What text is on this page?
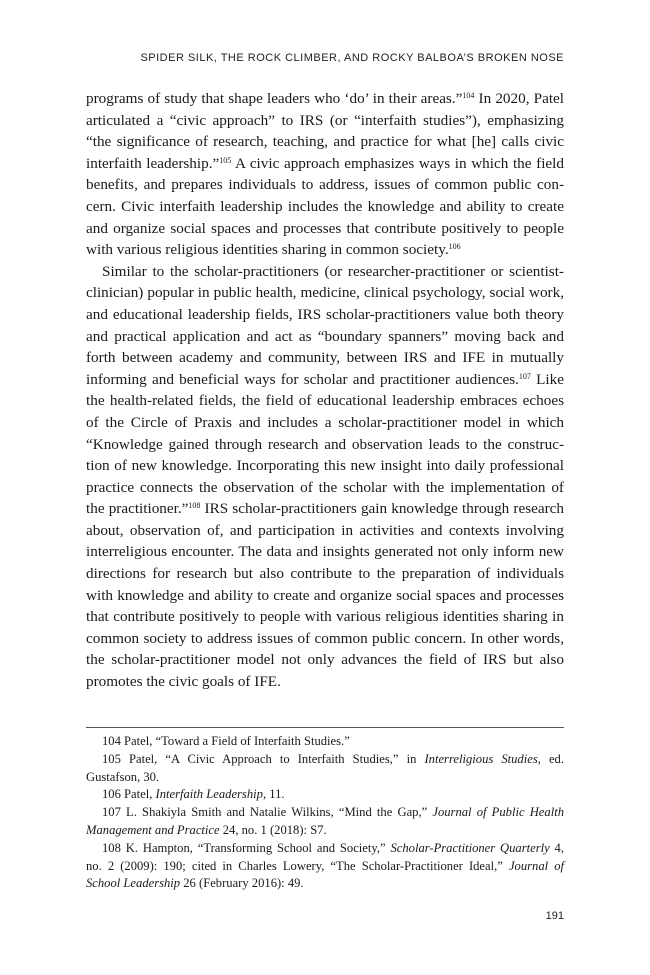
SPIDER SILK, THE ROCK CLIMBER, AND ROCKY BALBOA’S BROKEN NOSE

programs of study that shape leaders who ‘do’ in their areas.”$^{104}$ In 2020, Patel articulated a “civic approach” to IRS (or “interfaith studies”), emphasizing “the significance of research, teaching, and practice for what [he] calls civic interfaith leadership.”$^{105}$ A civic approach emphasizes ways in which the field benefits, and prepares individuals to address, issues of common public concern. Civic interfaith leadership includes the knowledge and ability to create and organize social spaces and processes that contribute positively to people with various religious identities sharing in common society.$^{106}$

Similar to the scholar-practitioners (or researcher-practitioner or scientist-clinician) popular in public health, medicine, clinical psychology, social work, and educational leadership fields, IRS scholar-practitioners value both theory and practical application and act as “boundary spanners” moving back and forth between academy and community, between IRS and IFE in mutually informing and beneficial ways for scholar and practitioner audiences.$^{107}$ Like the health-related fields, the field of educational leadership embraces echoes of the Circle of Praxis and includes a scholar-practitioner model in which “Knowledge gained through research and observation leads to the construction of new knowledge. Incorporating this new insight into daily professional practice connects the observation of the scholar with the implementation of the practitioner.”$^{108}$ IRS scholar-practitioners gain knowledge through research about, observation of, and participation in activities and contexts involving interreligious encounter. The data and insights generated not only inform new directions for research but also contribute to the preparation of individuals with knowledge and ability to create and organize social spaces and processes that contribute positively to people with various religious identities sharing in common society to address issues of common public concern. In other words, the scholar-practitioner model not only advances the field of IRS but also promotes the civic goals of IFE.

104 Patel, “Toward a Field of Interfaith Studies.”

105 Patel, “A Civic Approach to Interfaith Studies,” in Interreligious Studies, ed. Gustafson, 30.

106 Patel, Interfaith Leadership, 11.

107 L. Shakiyla Smith and Natalie Wilkins, “Mind the Gap,” Journal of Public Health Management and Practice 24, no. 1 (2018): S7.

108 K. Hampton, “Transforming School and Society,” Scholar-Practitioner Quarterly 4, no. 2 (2009): 190; cited in Charles Lowery, “The Scholar-Practitioner Ideal,” Journal of School Leadership 26 (February 2016): 49.

191
